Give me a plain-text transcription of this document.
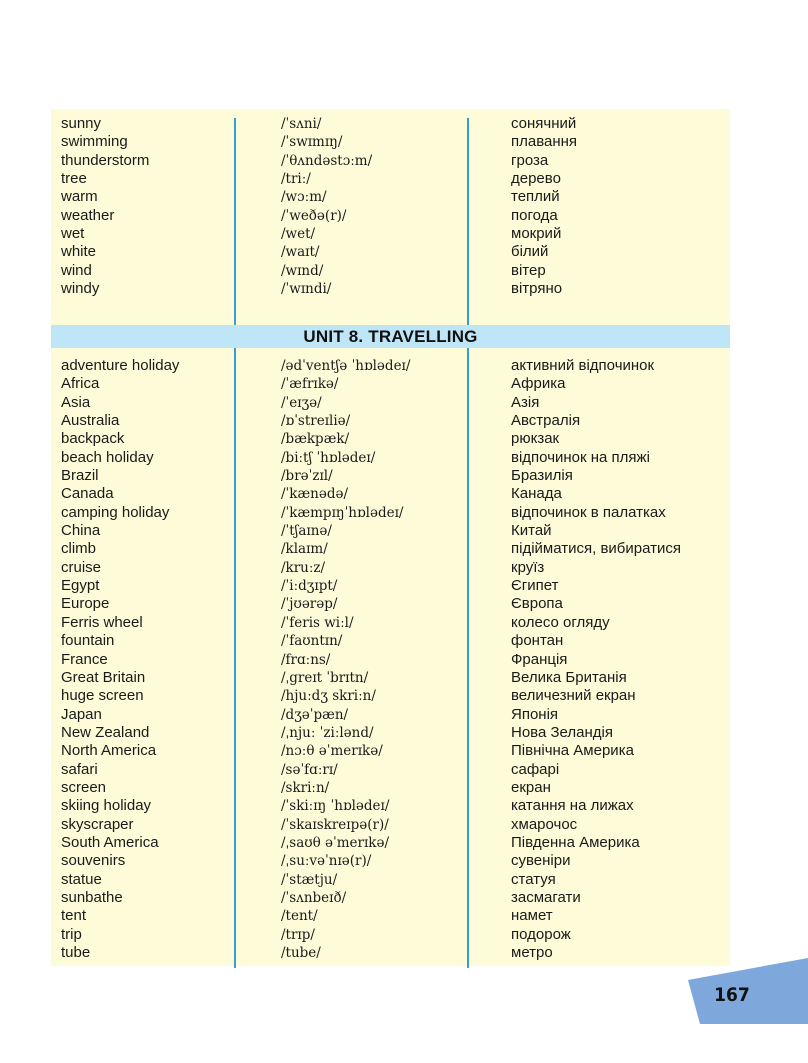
sunny	/ˈsʌni/	сонячний
swimming	/ˈswɪmɪŋ/	плавання
thunderstorm	/ˈθʌndəstɔːm/	гроза
tree	/triː/	дерево
warm	/wɔːm/	теплий
weather	/ˈweðə(r)/	погода
wet	/wet/	мокрий
white	/waɪt/	білий
wind	/wɪnd/	вітер
windy	/ˈwɪndi/	вітряно
UNIT 8. TRAVELLING
adventure holiday	/ədˈventʃə ˈhɒlədeɪ/	активний відпочинок
Africa	/ˈæfrɪkə/	Африка
Asia	/ˈeɪʒə/	Азія
Australia	/ɒˈstreɪliə/	Австралія
backpack	/bækpæk/	рюкзак
beach holiday	/biːtʃ ˈhɒlədeɪ/	відпочинок на пляжі
Brazil	/brəˈzɪl/	Бразилія
Canada	/ˈkænədə/	Канада
camping holiday	/ˈkæmpɪŋˈhɒlədeɪ/	відпочинок в палатках
China	/ˈtʃaɪnə/	Китай
climb	/klaɪm/	підійматися, вибиратися
cruise	/kruːz/	круїз
Egypt	/ˈiːdʒɪpt/	Єгипет
Europe	/ˈjʊərəp/	Європа
Ferris wheel	/ˈferis wiːl/	колесо огляду
fountain	/ˈfaʊntɪn/	фонтан
France	/frɑːns/	Франція
Great Britain	/ˌgreɪt ˈbrɪtn/	Велика Британія
huge screen	/hjuːdʒ skriːn/	величезний екран
Japan	/dʒəˈpæn/	Японія
New Zealand	/ˌnjuː ˈziːlənd/	Нова Зеландія
North America	/nɔːθ əˈmerɪkə/	Північна Америка
safari	/səˈfɑːrɪ/	сафарі
screen	/skriːn/	екран
skiing holiday	/ˈskiːɪŋ ˈhɒlədeɪ/	катання на лижах
skyscraper	/ˈskaɪskreɪpə(r)/	хмарочос
South America	/ˌsaʊθ əˈmerɪkə/	Південна Америка
souvenirs	/ˌsuːvəˈnɪə(r)/	сувеніри
statue	/ˈstætju/	статуя
sunbathe	/ˈsʌnbeɪð/	засмагати
tent	/tent/	намет
trip	/trɪp/	подорож
tube	/tube/	метро
167
